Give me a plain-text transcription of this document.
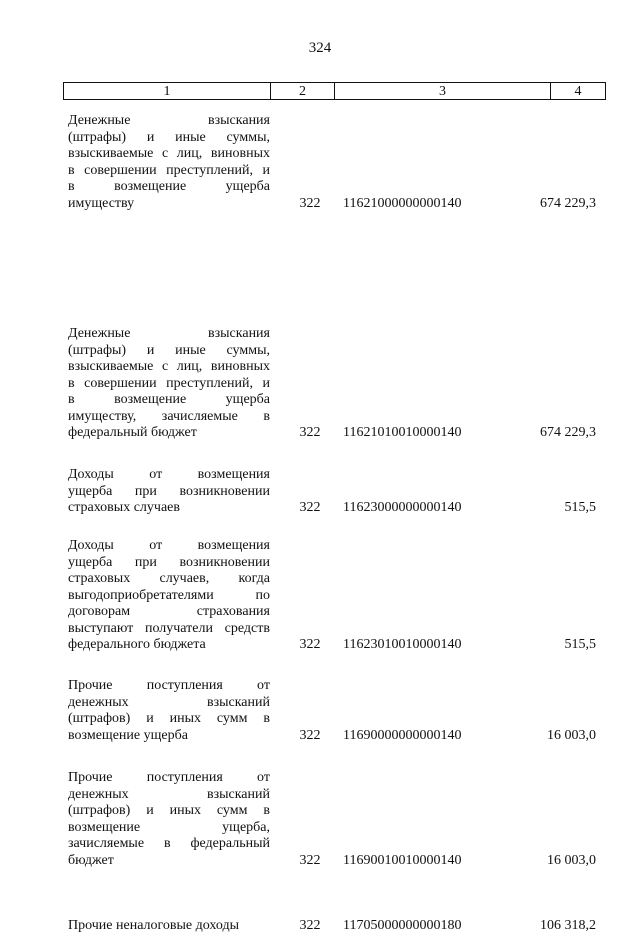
324
1	2	3	4
Денежные взыскания
(штрафы) и иные суммы,
взыскиваемые с лиц, виновных
в совершении преступлений, и
в возмещение ущерба
имуществу	322	11621000000000140	674 229,3
Денежные взыскания
(штрафы) и иные суммы,
взыскиваемые с лиц, виновных
в совершении преступлений, и
в возмещение ущерба
имуществу, зачисляемые в
федеральный бюджет	322	11621010010000140	674 229,3
Доходы от возмещения
ущерба при возникновении
страховых случаев	322	11623000000000140	515,5
Доходы от возмещения
ущерба при возникновении
страховых случаев, когда
выгодоприобретателями по
договорам страхования
выступают получатели средств
федерального бюджета	322	11623010010000140	515,5
Прочие поступления от
денежных взысканий
(штрафов) и иных сумм в
возмещение ущерба	322	11690000000000140	16 003,0
Прочие поступления от
денежных взысканий
(штрафов) и иных сумм в
возмещение ущерба,
зачисляемые в федеральный
бюджет	322	11690010010000140	16 003,0
Прочие неналоговые доходы	322	11705000000000180	106 318,2
